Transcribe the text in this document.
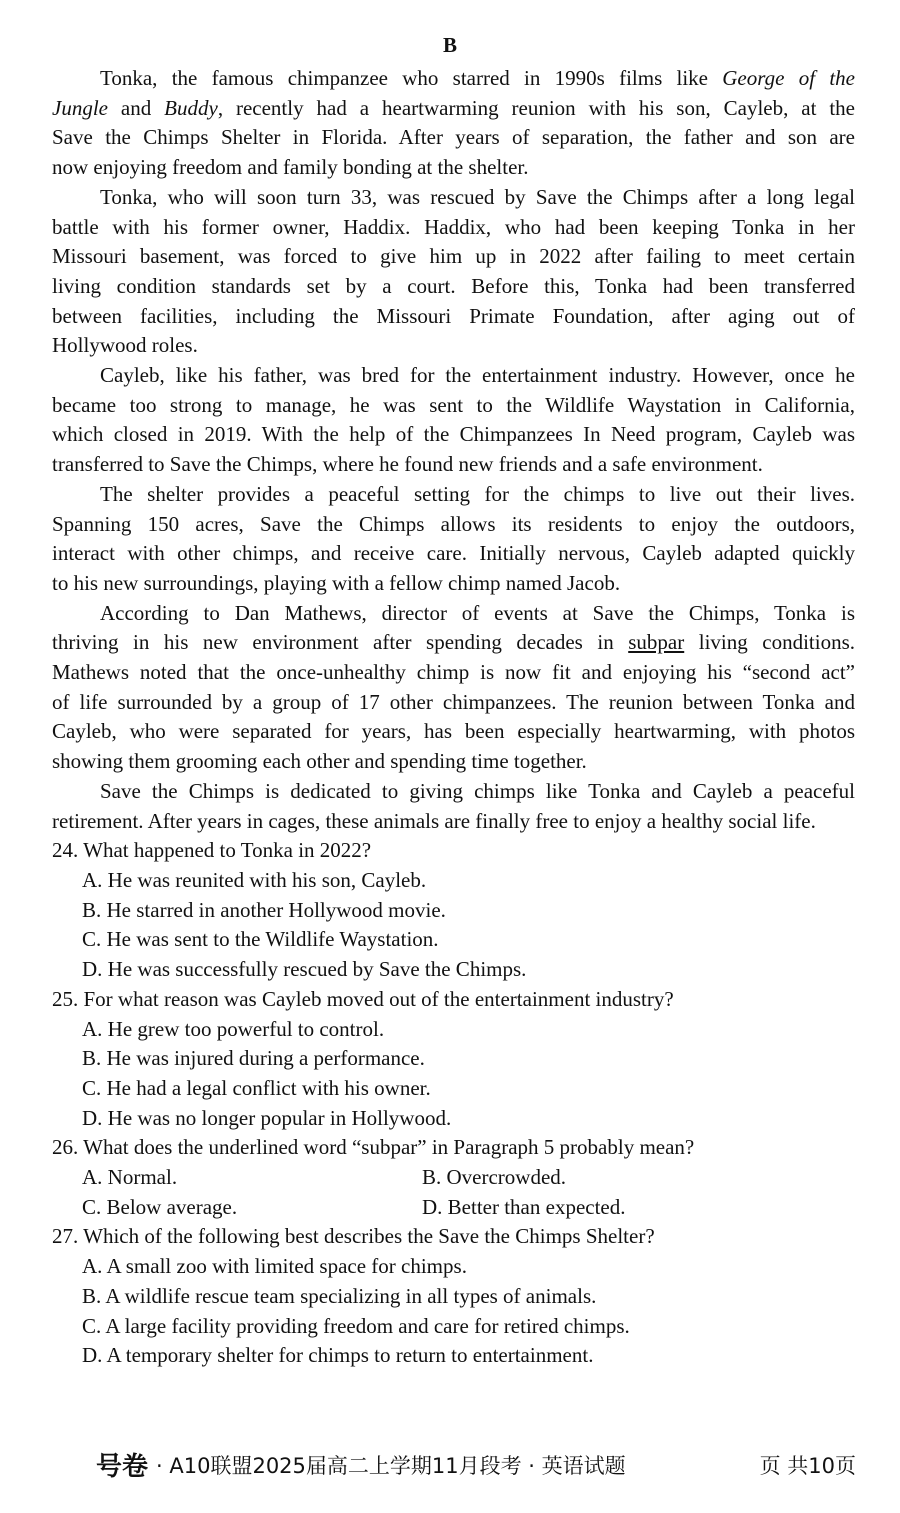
B
Tonka, the famous chimpanzee who starred in 1990s films like George of the
Jungle and Buddy, recently had a heartwarming reunion with his son, Cayleb, at the
Save the Chimps Shelter in Florida. After years of separation, the father and son are
now enjoying freedom and family bonding at the shelter.
Tonka, who will soon turn 33, was rescued by Save the Chimps after a long legal
battle with his former owner, Haddix. Haddix, who had been keeping Tonka in her
Missouri basement, was forced to give him up in 2022 after failing to meet certain
living condition standards set by a court. Before this, Tonka had been transferred
between facilities, including the Missouri Primate Foundation, after aging out of
Hollywood roles.
Cayleb, like his father, was bred for the entertainment industry. However, once he
became too strong to manage, he was sent to the Wildlife Waystation in California,
which closed in 2019. With the help of the Chimpanzees In Need program, Cayleb was
transferred to Save the Chimps, where he found new friends and a safe environment.
The shelter provides a peaceful setting for the chimps to live out their lives.
Spanning 150 acres, Save the Chimps allows its residents to enjoy the outdoors,
interact with other chimps, and receive care. Initially nervous, Cayleb adapted quickly
to his new surroundings, playing with a fellow chimp named Jacob.
According to Dan Mathews, director of events at Save the Chimps, Tonka is
thriving in his new environment after spending decades in subpar living conditions.
Mathews noted that the once-unhealthy chimp is now fit and enjoying his “second act”
of life surrounded by a group of 17 other chimpanzees. The reunion between Tonka and
Cayleb, who were separated for years, has been especially heartwarming, with photos
showing them grooming each other and spending time together.
Save the Chimps is dedicated to giving chimps like Tonka and Cayleb a peaceful
retirement. After years in cages, these animals are finally free to enjoy a healthy social life.
24. What happened to Tonka in 2022?
A. He was reunited with his son, Cayleb.
B. He starred in another Hollywood movie.
C. He was sent to the Wildlife Waystation.
D. He was successfully rescued by Save the Chimps.
25. For what reason was Cayleb moved out of the entertainment industry?
A. He grew too powerful to control.
B. He was injured during a performance.
C. He had a legal conflict with his owner.
D. He was no longer popular in Hollywood.
26. What does the underlined word “subpar” in Paragraph 5 probably mean?
A. Normal.	B. Overcrowded.
C. Below average.	D. Better than expected.
27. Which of the following best describes the Save the Chimps Shelter?
A. A small zoo with limited space for chimps.
B. A wildlife rescue team specializing in all types of animals.
C. A large facility providing freedom and care for retired chimps.
D. A temporary shelter for chimps to return to entertainment.
号卷 · A10联盟2025届高二上学期11月段考 · 英语试题	页 共10页
